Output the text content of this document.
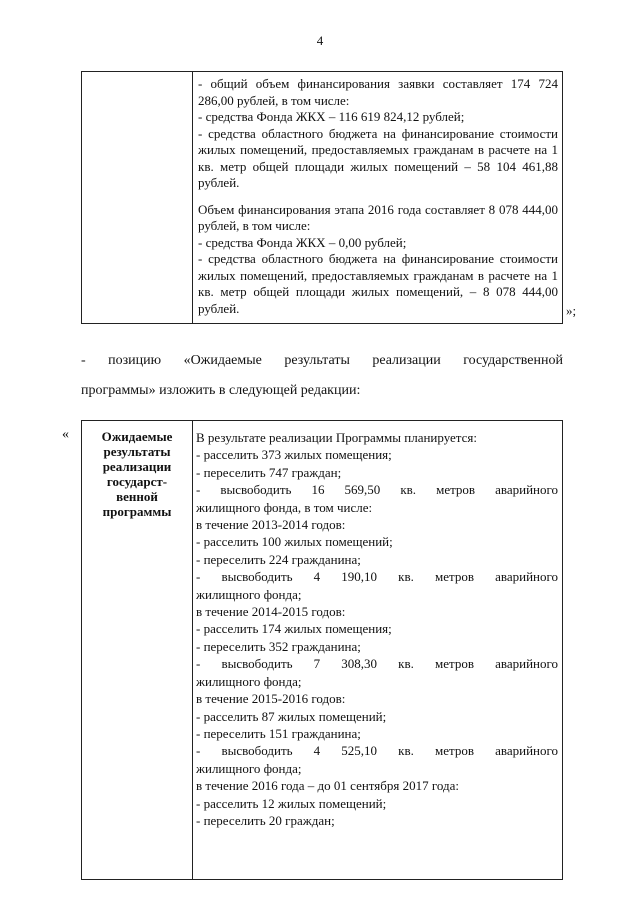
4

- общий объем финансирования заявки составляет 174 724 286,00 рублей, в том числе:

- средства Фонда ЖКХ – 116 619 824,12 рублей;

- средства областного бюджета на финансирование стоимости жилых помещений, предоставляемых гражданам в расчете на 1 кв. метр общей площади жилых помещений – 58 104 461,88 рублей.

Объем финансирования этапа 2016 года составляет 8 078 444,00 рублей, в том числе:

- средства Фонда ЖКХ – 0,00 рублей;

- средства областного бюджета на финансирование стоимости жилых помещений, предоставляемых гражданам в расчете на 1 кв. метр общей площади жилых помещений, – 8 078 444,00 рублей.	»;
- позицию «Ожидаемые результаты реализации государственной
программы» изложить в следующей редакции:
«	Ожидаемые
результаты
реализации
государст-
венной
программы

В результате реализации Программы планируется:

- расселить 373 жилых помещения;

- переселить 747 граждан;

- высвободить 16 569,50 кв. метров аварийного

жилищного фонда, в том числе:

в течение 2013-2014 годов:

- расселить 100 жилых помещений;

- переселить 224 гражданина;

- высвободить 4 190,10 кв. метров аварийного

жилищного фонда;

в течение 2014-2015 годов:

- расселить 174 жилых помещения;

- переселить 352 гражданина;

- высвободить 7 308,30 кв. метров аварийного

жилищного фонда;

в течение 2015-2016 годов:

- расселить 87 жилых помещений;

- переселить 151 гражданина;

- высвободить 4 525,10 кв. метров аварийного

жилищного фонда;

в течение 2016 года – до 01 сентября 2017 года:

- расселить 12 жилых помещений;

- переселить 20 граждан;
